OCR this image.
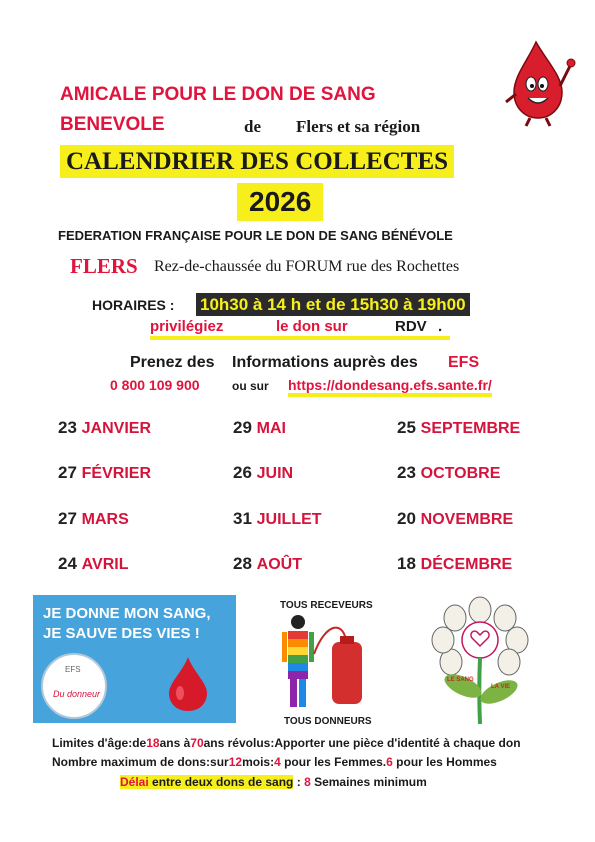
AMICALE POUR LE DON DE SANG
BENEVOLE	de Flers et sa région
CALENDRIER DES COLLECTES
2026
FEDERATION FRANÇAISE POUR LE DON DE SANG BÉNÉVOLE
FLERS Rez-de-chaussée du FORUM rue des Rochettes
HORAIRES : 10h30 à 14 h et de 15h30 à 19h00
privilégiez	le don sur	RDV .
Prenez des Informations auprès des EFS
0 800 109 900	ou sur https://dondesang.efs.sante.fr/
23 JANVIER	29 MAI	25 SEPTEMBRE
27 FÉVRIER	26 JUIN	23 OCTOBRE
27 MARS	31 JUILLET	20 NOVEMBRE
24 AVRIL	28 AOÛT	18 DÉCEMBRE
JE DONNE MON SANG,
JE SAUVE DES VIES !
EFS
Du donneur
TOUS RECEVEURS
TOUS DONNEURS
LE SANG
LA VIE
Limites d'âge:de18ans à70ans révolus:Apporter une pièce d'identité à chaque don
Nombre maximum de dons:sur12mois:4 pour les Femmes.6 pour les Hommes
Délai entre deux dons de sang : 8 Semaines minimum
